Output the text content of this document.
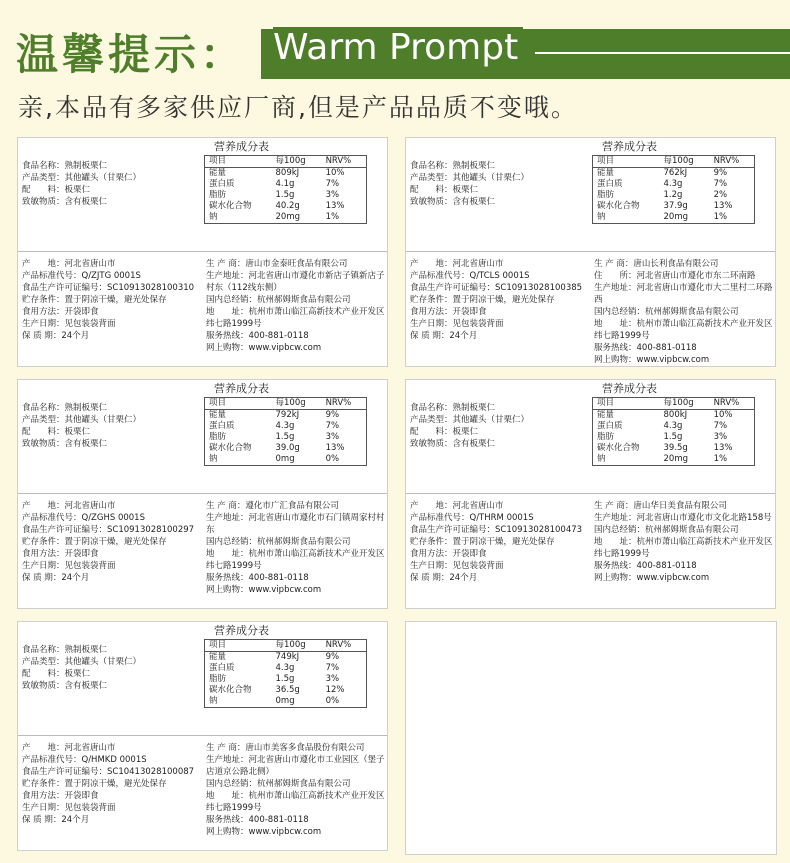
温馨提示： Warm Prompt
亲,本品有多家供应厂商,但是产品品质不变哦。
营养成分表
项目	每100g	NRV%
能量	809kJ	10%
蛋白质	4.1g	7%
脂肪	1.5g	3%
碳水化合物	40.2g	13%
钠	20mg	1%
食品名称：熟制板栗仁
产品类型：其他罐头（甘栗仁）
配　　料：板栗仁
致敏物质：含有板栗仁
产　　地：河北省唐山市
产品标准代号：Q/ZJTG 0001S
食品生产许可证编号：SC10913028100310
贮存条件：置于阴凉干燥，避光处保存
食用方法：开袋即食
生产日期：见包装袋背面
保 质 期：24个月
生 产 商：唐山市金泰旺食品有限公司
生产地址：河北省唐山市遵化市新店子镇新店子村东（112线东侧）
国内总经销：杭州郝姆斯食品有限公司
地　　址：杭州市萧山临江高新技术产业开发区纬七路1999号
服务热线：400-881-0118
网上购物：www.vipbcw.com
营养成分表
项目	每100g	NRV%
能量	762kJ	9%
蛋白质	4.3g	7%
脂肪	1.2g	2%
碳水化合物	37.9g	13%
钠	20mg	1%
食品名称：熟制板栗仁
产品类型：其他罐头（甘栗仁）
配　　料：板栗仁
致敏物质：含有板栗仁
产　　地：河北省唐山市
产品标准代号：Q/TCLS 0001S
食品生产许可证编号：SC10913028100385
贮存条件：置于阴凉干燥，避光处保存
食用方法：开袋即食
生产日期：见包装袋背面
保 质 期：24个月
生 产 商：唐山长利食品有限公司
住　　所：河北省唐山市遵化市东二环南路
生产地址：河北省唐山市遵化市大二里村二环路西
国内总经销：杭州郝姆斯食品有限公司
地　　址：杭州市萧山临江高新技术产业开发区纬七路1999号
服务热线：400-881-0118
网上购物：www.vipbcw.com
营养成分表
项目	每100g	NRV%
能量	792kJ	9%
蛋白质	4.3g	7%
脂肪	1.5g	3%
碳水化合物	39.0g	13%
钠	0mg	0%
食品名称：熟制板栗仁
产品类型：其他罐头（甘栗仁）
配　　料：板栗仁
致敏物质：含有板栗仁
产　　地：河北省唐山市
产品标准代号：Q/ZGHS 0001S
食品生产许可证编号：SC10913028100297
贮存条件：置于阴凉干燥，避光处保存
食用方法：开袋即食
生产日期：见包装袋背面
保 质 期：24个月
生 产 商：遵化市广汇食品有限公司
生产地址：河北省唐山市遵化市石门镇周家村村东
国内总经销：杭州郝姆斯食品有限公司
地　　址：杭州市萧山临江高新技术产业开发区纬七路1999号
服务热线：400-881-0118
网上购物：www.vipbcw.com
营养成分表
项目	每100g	NRV%
能量	800kJ	10%
蛋白质	4.3g	7%
脂肪	1.5g	3%
碳水化合物	39.5g	13%
钠	20mg	1%
食品名称：熟制板栗仁
产品类型：其他罐头（甘栗仁）
配　　料：板栗仁
致敏物质：含有板栗仁
产　　地：河北省唐山市
产品标准代号：Q/THRM 0001S
食品生产许可证编号：SC10913028100473
贮存条件：置于阴凉干燥，避光处保存
食用方法：开袋即食
生产日期：见包装袋背面
保 质 期：24个月
生 产 商：唐山华日美食品有限公司
生产地址：河北省唐山市遵化市文化北路158号
国内总经销：杭州郝姆斯食品有限公司
地　　址：杭州市萧山临江高新技术产业开发区纬七路1999号
服务热线：400-881-0118
网上购物：www.vipbcw.com
营养成分表
项目	每100g	NRV%
能量	749kJ	9%
蛋白质	4.3g	7%
脂肪	1.5g	3%
碳水化合物	36.5g	12%
钠	0mg	0%
食品名称：熟制板栗仁
产品类型：其他罐头（甘栗仁）
配　　料：板栗仁
致敏物质：含有板栗仁
产　　地：河北省唐山市
产品标准代号：Q/HMKD 0001S
食品生产许可证编号：SC10413028100087
贮存条件：置于阴凉干燥，避光处保存
食用方法：开袋即食
生产日期：见包装袋背面
保 质 期：24个月
生 产 商：唐山市美客多食品股份有限公司
生产地址：河北省唐山市遵化市工业园区（堡子店道京公路北侧）
国内总经销：杭州郝姆斯食品有限公司
地　　址：杭州市萧山临江高新技术产业开发区纬七路1999号
服务热线：400-881-0118
网上购物：www.vipbcw.com
